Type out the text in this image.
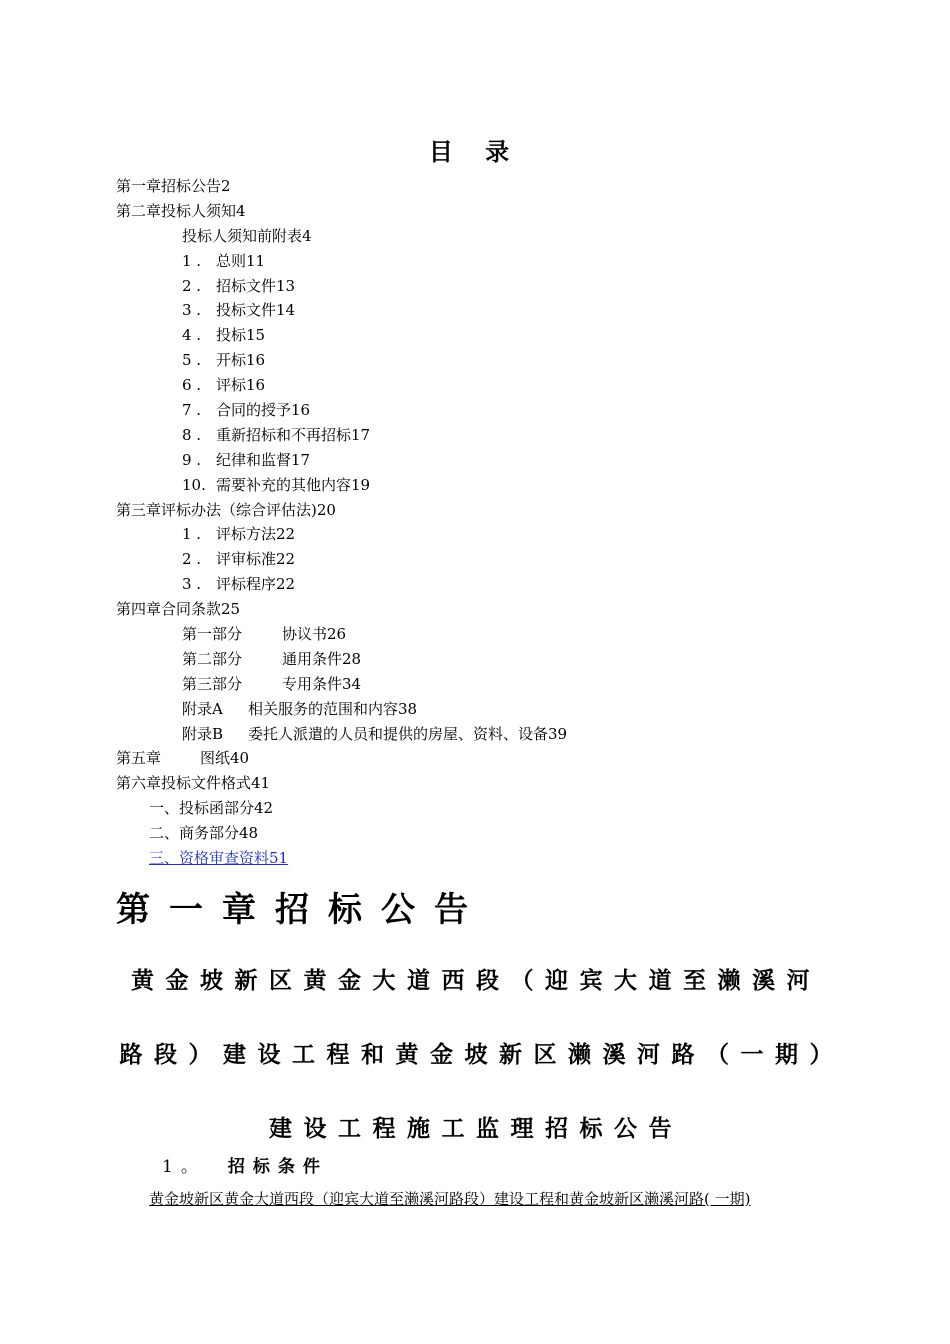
目 录
第一章招标公告2
第二章投标人须知4
投标人须知前附表4
1 . 总则11
2 . 招标文件13
3 . 投标文件14
4 . 投标15
5 . 开标16
6 . 评标16
7 . 合同的授予16
8 . 重新招标和不再招标17
9 . 纪律和监督17
10. 需要补充的其他内容19
第三章评标办法（综合评估法)20
1 . 评标方法22
2 . 评审标准22
3 . 评标程序22
第四章合同条款25
第一部分	协议书26
第二部分	通用条件28
第三部分	专用条件34
附录A 相关服务的范围和内容38
附录B 委托人派遣的人员和提供的房屋、资料、设备39
第五章	图纸40
第六章投标文件格式41
一、投标函部分42
二、商务部分48
三、资格审查资料51
第一章招标公告
黄金坡新区黄金大道西段（迎宾大道至濑溪河路段）建设工程和黄金坡新区濑溪河路（一期）建设工程施工监理招标公告
1。 招标条件

黄金坡新区黄金大道西段（迎宾大道至濑溪河路段）建设工程和黄金坡新区濑溪河路( 一期)
